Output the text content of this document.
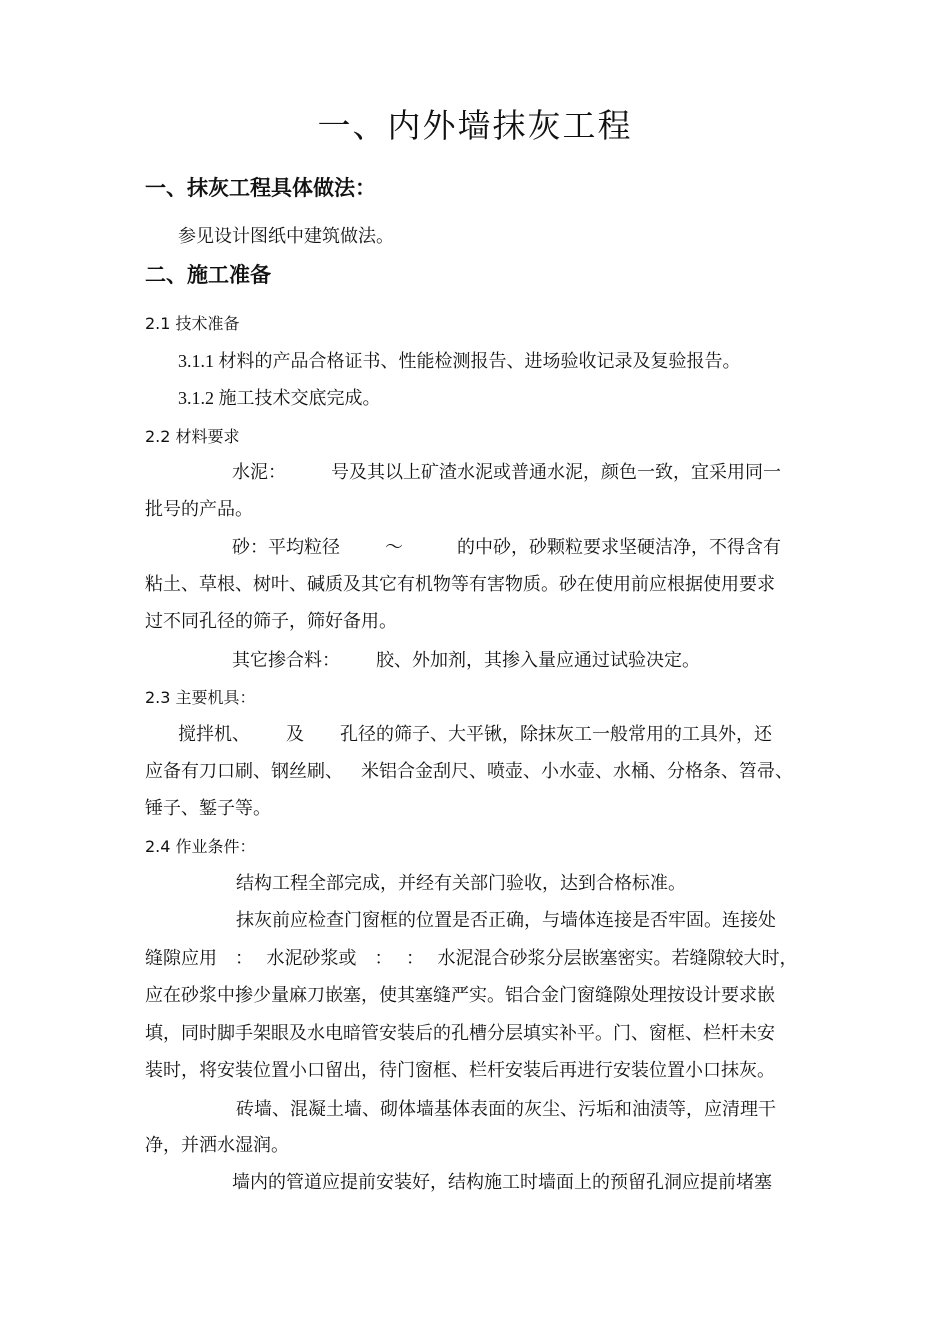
一、内外墙抹灰工程
一、抹灰工程具体做法：
参见设计图纸中建筑做法。
二、施工准备
2.1 技术准备
3.1.1 材料的产品合格证书、性能检测报告、进场验收记录及复验报告。
3.1.2 施工技术交底完成。
2.2 材料要求
水泥：          号及其以上矿渣水泥或普通水泥，颜色一致，宜采用同一
批号的产品。
砂：平均粒径          ～            的中砂，砂颗粒要求坚硬洁净，不得含有
粘土、草根、树叶、碱质及其它有机物等有害物质。砂在使用前应根据使用要求
过不同孔径的筛子，筛好备用。
其它掺合料：        胶、外加剂，其掺入量应通过试验决定。
2.3 主要机具：
搅拌机、        及        孔径的筛子、大平锹，除抹灰工一般常用的工具外，还
应备有刀口刷、钢丝刷、    米铝合金刮尺、喷壶、小水壶、水桶、分格条、笤帚、
锤子、錾子等。
2.4 作业条件：
结构工程全部完成，并经有关部门验收，达到合格标准。
抹灰前应检查门窗框的位置是否正确，与墙体连接是否牢固。连接处
缝隙应用    ：   水泥砂浆或    ：   ：   水泥混合砂浆分层嵌塞密实。若缝隙较大时，
应在砂浆中掺少量麻刀嵌塞，使其塞缝严实。铝合金门窗缝隙处理按设计要求嵌
填，同时脚手架眼及水电暗管安装后的孔槽分层填实补平。门、窗框、栏杆未安
装时，将安装位置小口留出，待门窗框、栏杆安装后再进行安装位置小口抹灰。
砖墙、混凝土墙、砌体墙基体表面的灰尘、污垢和油渍等，应清理干
净，并洒水湿润。
墙内的管道应提前安装好，结构施工时墙面上的预留孔洞应提前堵塞
